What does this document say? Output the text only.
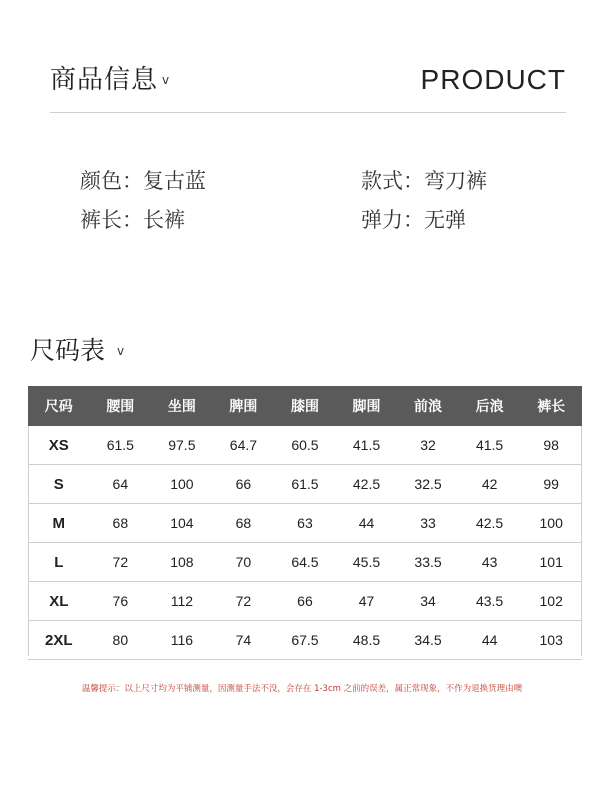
商品信息 v	PRODUCT
颜色：复古蓝	款式：弯刀裤
裤长：长裤	弹力：无弹
尺码表 v
尺码	腰围	坐围	脾围	膝围	脚围	前浪	后浪	裤长
XS	61.5	97.5	64.7	60.5	41.5	32	41.5	98
S	64	100	66	61.5	42.5	32.5	42	99
M	68	104	68	63	44	33	42.5	100
L	72	108	70	64.5	45.5	33.5	43	101
XL	76	112	72	66	47	34	43.5	102
2XL	80	116	74	67.5	48.5	34.5	44	103
温馨提示：以上尺寸均为平铺测量，因测量手法不没，会存在 1-3cm 之前的误差，属正常现象，不作为退换货理由噢
